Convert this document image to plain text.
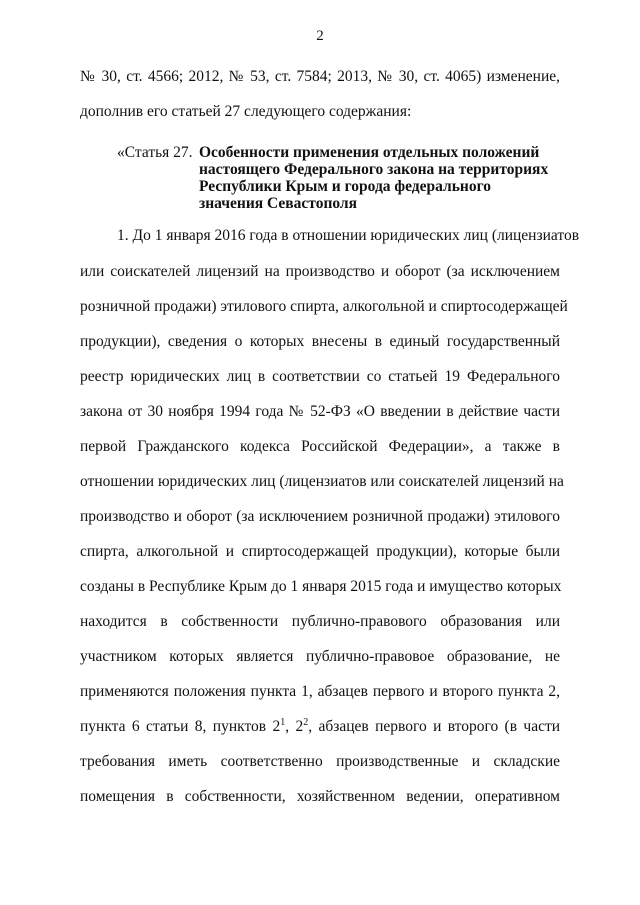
2
№ 30, ст. 4566; 2012, № 53, ст. 7584; 2013, № 30, ст. 4065) изменение,
дополнив его статьей 27 следующего содержания:
«Статья 27. Особенности применения отдельных положений настоящего Федерального закона на территориях Республики Крым и города федерального значения Севастополя
1. До 1 января 2016 года в отношении юридических лиц (лицензиатов
или соискателей лицензий на производство и оборот (за исключением
розничной продажи) этилового спирта, алкогольной и спиртосодержащей
продукции), сведения о которых внесены в единый государственный
реестр юридических лиц в соответствии со статьей 19 Федерального
закона от 30 ноября 1994 года № 52-ФЗ «О введении в действие части
первой Гражданского кодекса Российской Федерации», а также в
отношении юридических лиц (лицензиатов или соискателей лицензий на
производство и оборот (за исключением розничной продажи) этилового
спирта, алкогольной и спиртосодержащей продукции), которые были
созданы в Республике Крым до 1 января 2015 года и имущество которых
находится в собственности публично-правового образования или
участником которых является публично-правовое образование, не
применяются положения пункта 1, абзацев первого и второго пункта 2,
пункта 6 статьи 8, пунктов $2^1$, $2^2$, абзацев первого и второго (в части
требования иметь соответственно производственные и складские
помещения в собственности, хозяйственном ведении, оперативном
